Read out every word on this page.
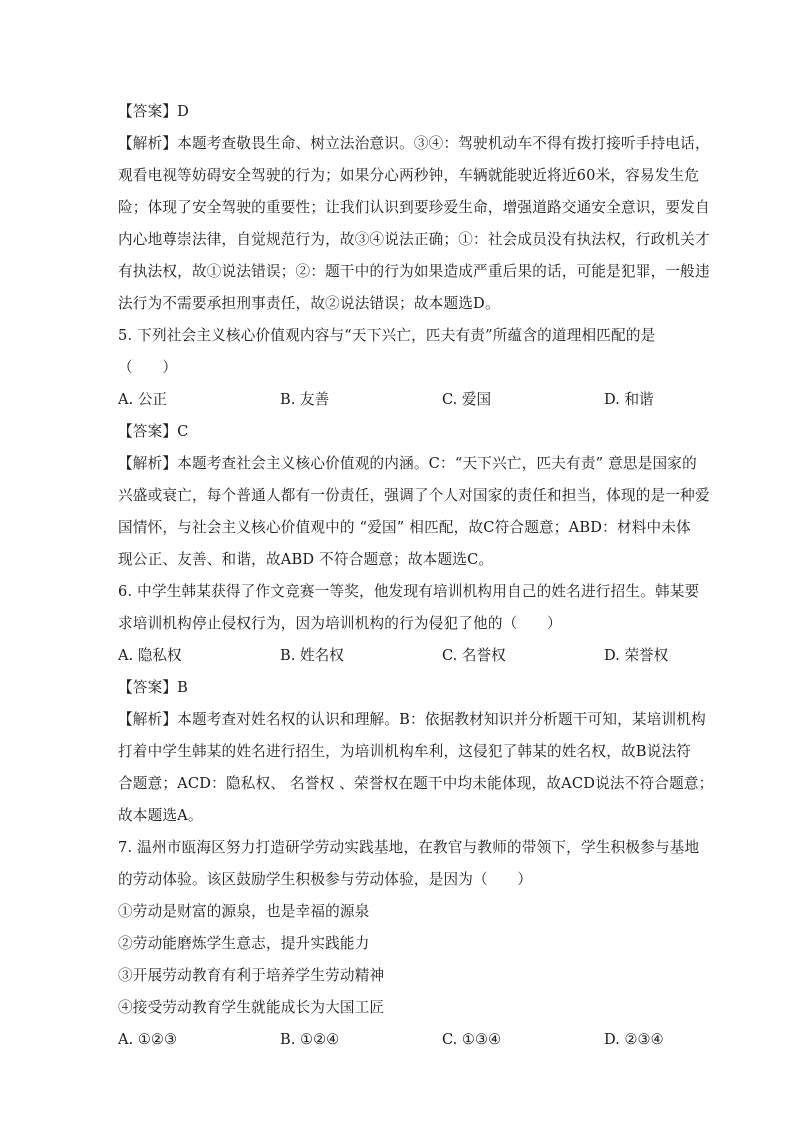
【答案】D
【解析】本题考查敬畏生命、树立法治意识。③④：驾驶机动车不得有拨打接听手持电话，
观看电视等妨碍安全驾驶的行为；如果分心两秒钟，车辆就能驶近将近60米，容易发生危
险；体现了安全驾驶的重要性；让我们认识到要珍爱生命，增强道路交通安全意识，要发自
内心地尊崇法律，自觉规范行为，故③④说法正确；①：社会成员没有执法权，行政机关才
有执法权，故①说法错误；②：题干中的行为如果造成严重后果的话，可能是犯罪，一般违
法行为不需要承担刑事责任，故②说法错误；故本题选D。
5. 下列社会主义核心价值观内容与“天下兴亡，匹夫有责”所蕴含的道理相匹配的是
（　　）
A. 公正	B. 友善	C. 爱国	D. 和谐
【答案】C
【解析】本题考查社会主义核心价值观的内涵。C：“天下兴亡，匹夫有责” 意思是国家的
兴盛或衰亡，每个普通人都有一份责任，强调了个人对国家的责任和担当，体现的是一种爱
国情怀，与社会主义核心价值观中的 “爱国” 相匹配，故C符合题意；ABD：材料中未体
现公正、友善、和谐，故ABD 不符合题意；故本题选C。
6. 中学生韩某获得了作文竞赛一等奖，他发现有培训机构用自己的姓名进行招生。韩某要
求培训机构停止侵权行为，因为培训机构的行为侵犯了他的（　　）
A. 隐私权	B. 姓名权	C. 名誉权	D. 荣誉权
【答案】B
【解析】本题考查对姓名权的认识和理解。B：依据教材知识并分析题干可知，某培训机构
打着中学生韩某的姓名进行招生，为培训机构牟利，这侵犯了韩某的姓名权，故B说法符
合题意；ACD：隐私权、 名誉权 、荣誉权在题干中均未能体现，故ACD说法不符合题意；
故本题选A。
7. 温州市瓯海区努力打造研学劳动实践基地，在教官与教师的带领下，学生积极参与基地
的劳动体验。该区鼓励学生积极参与劳动体验，是因为（　　）
①劳动是财富的源泉，也是幸福的源泉
②劳动能磨炼学生意志，提升实践能力
③开展劳动教育有利于培养学生劳动精神
④接受劳动教育学生就能成长为大国工匠
A. ①②③	B. ①②④	C. ①③④	D. ②③④
